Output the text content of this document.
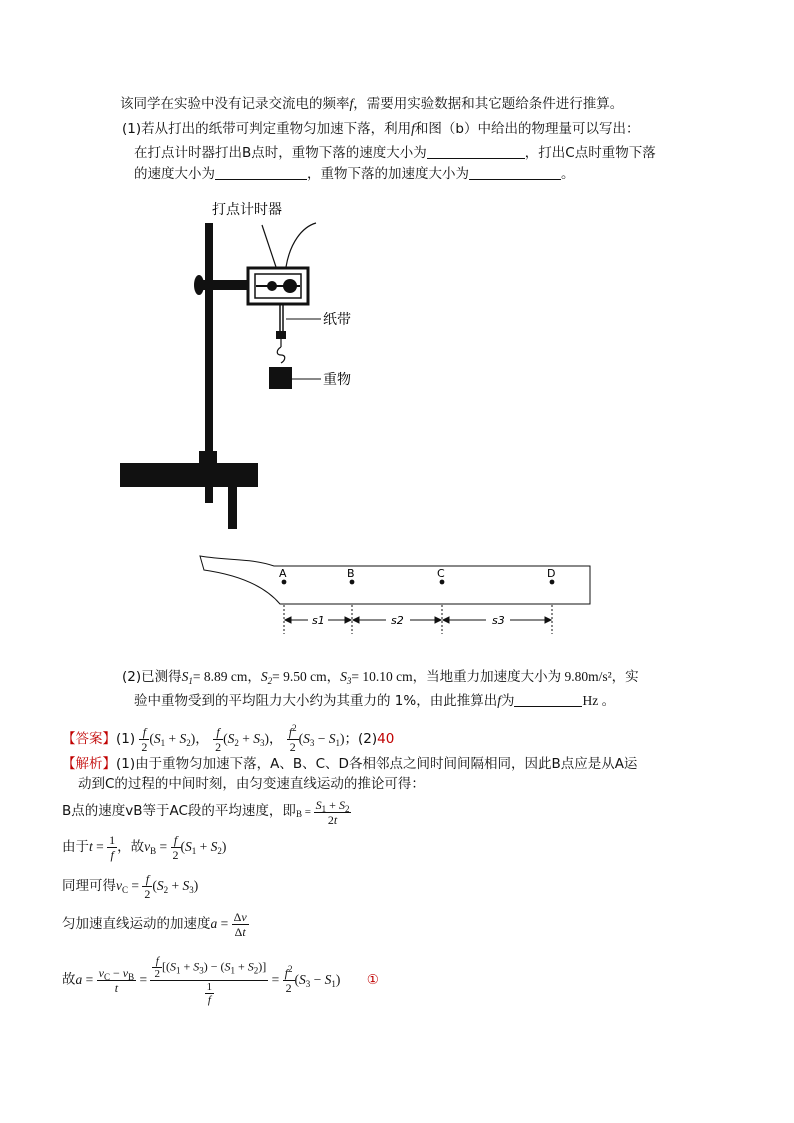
该同学在实验中没有记录交流电的频率f，需要用实验数据和其它题给条件进行推算。
(1)若从打出的纸带可判定重物匀加速下落，利用f和图（b）中给出的物理量可以写出：
在打点计时器打出B点时，重物下落的速度大小为	，打出C点时重物下落
的速度大小为	，重物下落的加速度大小为	。
打点计时器
纸带
重物
A	B	C	D
s1	s2	s3
(2)已测得$S_1= 8.89$ cm，$S_2= 9.50$ cm，$S_3= 10.10$ cm，当地重力加速度大小为 9.80m/s²，实
验中重物受到的平均阻力大小约为其重力的 1%，由此推算出f为	Hz 。
【答案】$(1) \frac{f}{2} (S_1 + S_2)$， $\frac{f}{2} (S_2 + S_3)$， $\frac{f^2}{2} (S_3 - S_1)$；(2)40
【解析】(1)由于重物匀加速下落，A、B、C、D各相邻点之间时间间隔相同，因此B点应是从A运
动到C的过程的中间时刻，由匀变速直线运动的推论可得：
B点的速度vB等于AC段的平均速度，即$_B = \frac{S_1 + S_2}{2t}$
由于$t = \frac{1}{f}$ ，故$v_B = \frac{f}{2} (S_1 + S_2)$
同理可得$v_C = \frac{f}{2} (S_2 + S_3)$
匀加速直线运动的加速度$a = \frac{\Delta v}{\Delta t}$
故$a = \frac{v_C - v_B}{t} = \frac{\frac{f}{2} [(S_1 + S_3) - (S_1 + S_2)]}{\frac{1}{f}} = \frac{f^2}{2} (S_3 - S_1)$ ①
